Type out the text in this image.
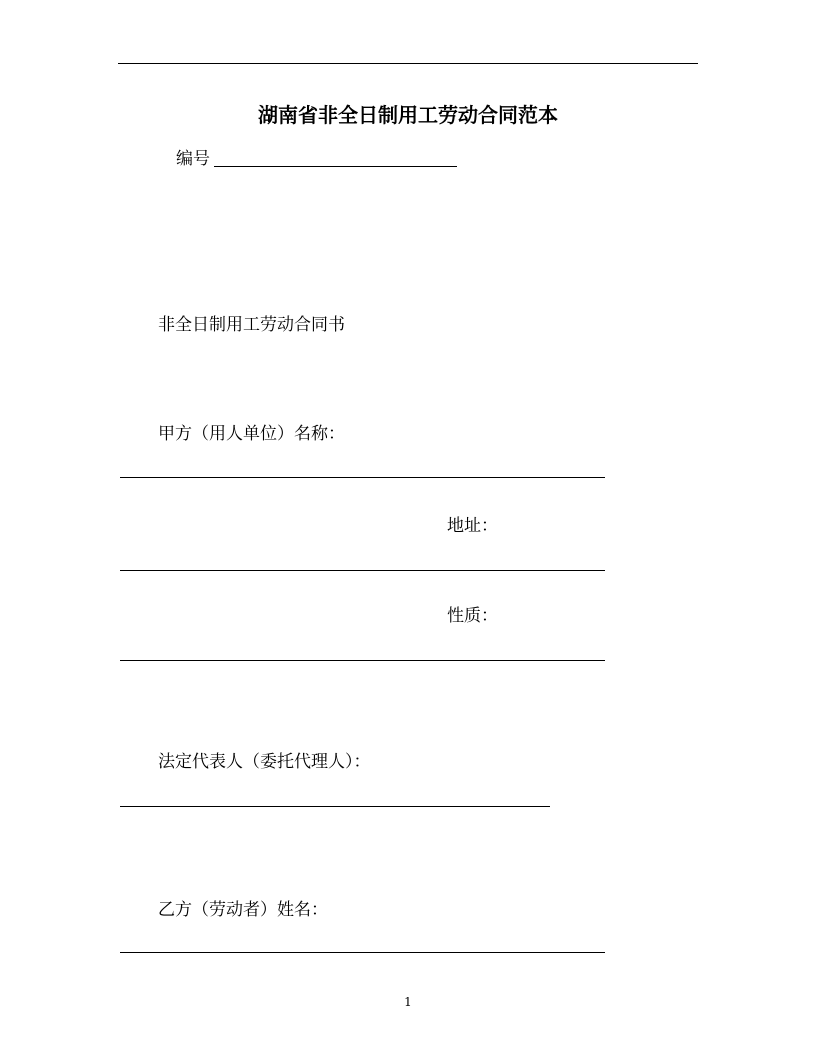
湖南省非全日制用工劳动合同范本
编号
非全日制用工劳动合同书
甲方（用人单位）名称：
地址：
性质：
法定代表人（委托代理人）：
乙方（劳动者）姓名：
1
